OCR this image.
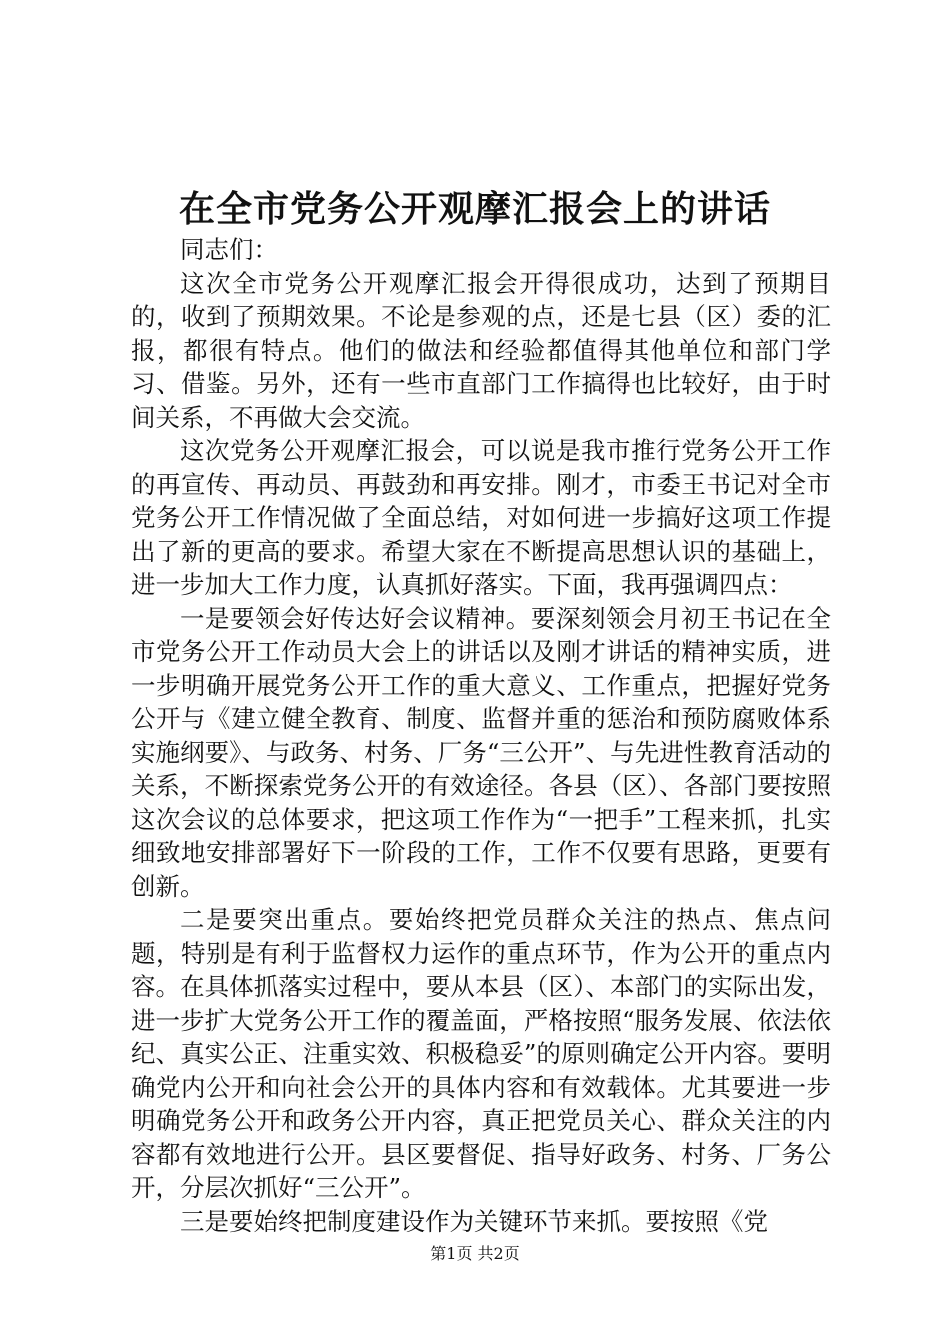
在全市党务公开观摩汇报会上的讲话

同志们：

这次全市党务公开观摩汇报会开得很成功，达到了预期目的，收到了预期效果。不论是参观的点，还是七县（区）委的汇报，都很有特点。他们的做法和经验都值得其他单位和部门学习、借鉴。另外，还有一些市直部门工作搞得也比较好，由于时间关系，不再做大会交流。

这次党务公开观摩汇报会，可以说是我市推行党务公开工作的再宣传、再动员、再鼓劲和再安排。刚才，市委王书记对全市党务公开工作情况做了全面总结，对如何进一步搞好这项工作提出了新的更高的要求。希望大家在不断提高思想认识的基础上，进一步加大工作力度，认真抓好落实。下面，我再强调四点：

一是要领会好传达好会议精神。要深刻领会月初王书记在全市党务公开工作动员大会上的讲话以及刚才讲话的精神实质，进一步明确开展党务公开工作的重大意义、工作重点，把握好党务公开与《建立健全教育、制度、监督并重的惩治和预防腐败体系实施纲要》、与政务、村务、厂务“三公开”、与先进性教育活动的关系，不断探索党务公开的有效途径。各县（区）、各部门要按照这次会议的总体要求，把这项工作作为“一把手”工程来抓，扎实细致地安排部署好下一阶段的工作，工作不仅要有思路，更要有创新。

二是要突出重点。要始终把党员群众关注的热点、焦点问题，特别是有利于监督权力运作的重点环节，作为公开的重点内容。在具体抓落实过程中，要从本县（区）、本部门的实际出发，进一步扩大党务公开工作的覆盖面，严格按照“服务发展、依法依纪、真实公正、注重实效、积极稳妥”的原则确定公开内容。要明确党内公开和向社会公开的具体内容和有效载体。尤其要进一步明确党务公开和政务公开内容，真正把党员关心、群众关注的内容都有效地进行公开。县区要督促、指导好政务、村务、厂务公开，分层次抓好“三公开”。

三是要始终把制度建设作为关键环节来抓。要按照《党

第1页 共2页
